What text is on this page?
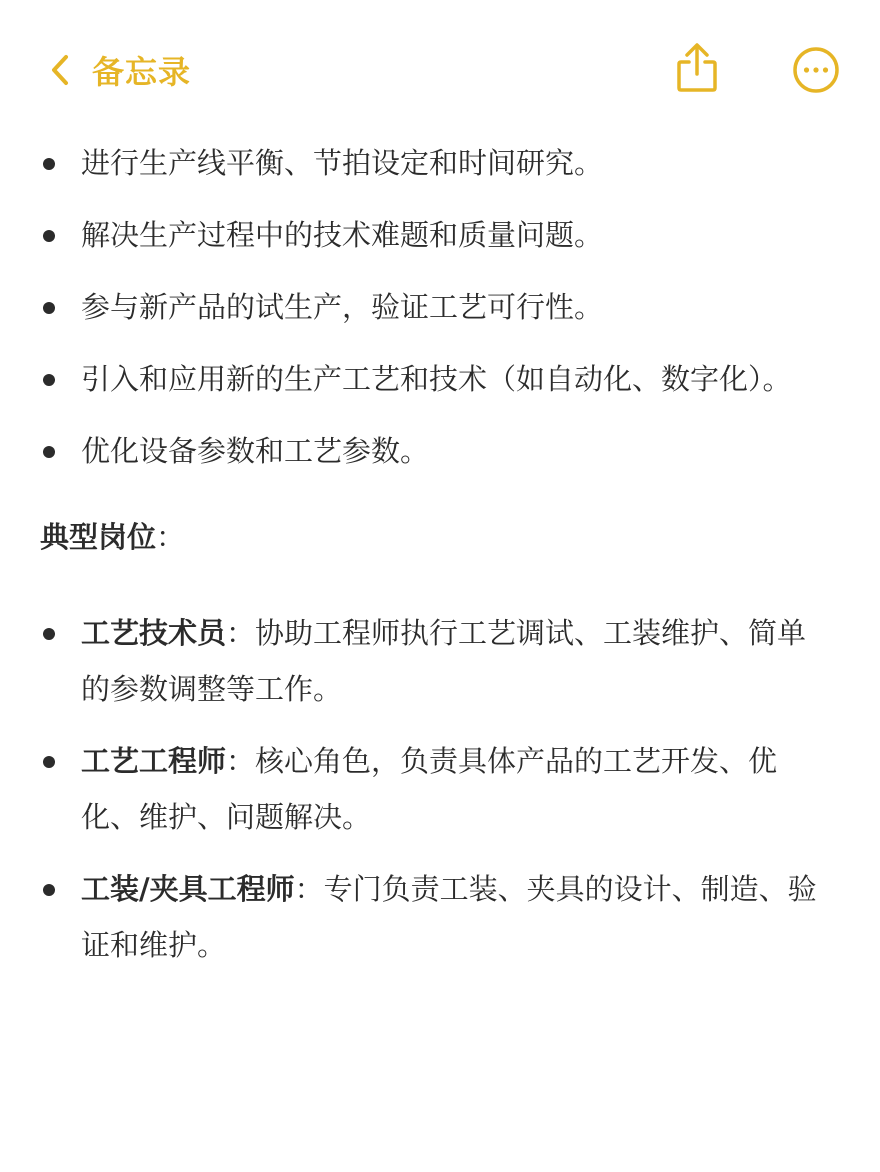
备忘录
进行生产线平衡、节拍设定和时间研究。
解决生产过程中的技术难题和质量问题。
参与新产品的试生产，验证工艺可行性。
引入和应用新的生产工艺和技术（如自动化、数字化）。
优化设备参数和工艺参数。
典型岗位：
工艺技术员：协助工程师执行工艺调试、工装维护、简单的参数调整等工作。
工艺工程师：核心角色，负责具体产品的工艺开发、优化、维护、问题解决。
工装/夹具工程师：专门负责工装、夹具的设计、制造、验证和维护。
